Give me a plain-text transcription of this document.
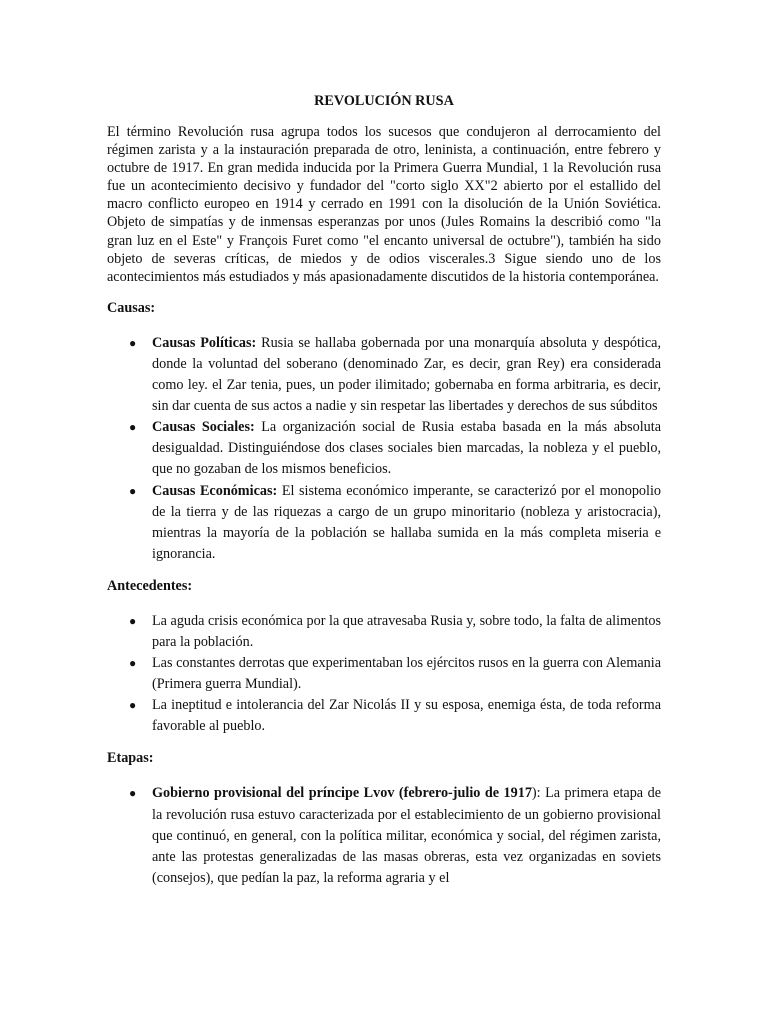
REVOLUCIÓN RUSA

El término Revolución rusa agrupa todos los sucesos que condujeron al derrocamiento del régimen zarista y a la instauración preparada de otro, leninista, a continuación, entre febrero y octubre de 1917. En gran medida inducida por la Primera Guerra Mundial, 1 la Revolución rusa fue un acontecimiento decisivo y fundador del "corto siglo XX"2 abierto por el estallido del macro conflicto europeo en 1914 y cerrado en 1991 con la disolución de la Unión Soviética. Objeto de simpatías y de inmensas esperanzas por unos (Jules Romains la describió como "la gran luz en el Este" y François Furet como "el encanto universal de octubre"), también ha sido objeto de severas críticas, de miedos y de odios viscerales.3 Sigue siendo uno de los acontecimientos más estudiados y más apasionadamente discutidos de la historia contemporánea.

Causas:
● Causas Políticas: Rusia se hallaba gobernada por una monarquía absoluta y despótica, donde la voluntad del soberano (denominado Zar, es decir, gran Rey) era considerada como ley. el Zar tenia, pues, un poder ilimitado; gobernaba en forma arbitraria, es decir, sin dar cuenta de sus actos a nadie y sin respetar las libertades y derechos de sus súbditos
● Causas Sociales: La organización social de Rusia estaba basada en la más absoluta desigualdad. Distinguiéndose dos clases sociales bien marcadas, la nobleza y el pueblo, que no gozaban de los mismos beneficios.
● Causas Económicas: El sistema económico imperante, se caracterizó por el monopolio de la tierra y de las riquezas a cargo de un grupo minoritario (nobleza y aristocracia), mientras la mayoría de la población se hallaba sumida en la más completa miseria e ignorancia.
Antecedentes:
● La aguda crisis económica por la que atravesaba Rusia y, sobre todo, la falta de alimentos para la población.
● Las constantes derrotas que experimentaban los ejércitos rusos en la guerra con Alemania (Primera guerra Mundial).
● La ineptitud e intolerancia del Zar Nicolás II y su esposa, enemiga ésta, de toda reforma favorable al pueblo.
Etapas:
● Gobierno provisional del príncipe Lvov (febrero-julio de 1917): La primera etapa de la revolución rusa estuvo caracterizada por el establecimiento de un gobierno provisional que continuó, en general, con la política militar, económica y social, del régimen zarista, ante las protestas generalizadas de las masas obreras, esta vez organizadas en soviets (consejos), que pedían la paz, la reforma agraria y el
